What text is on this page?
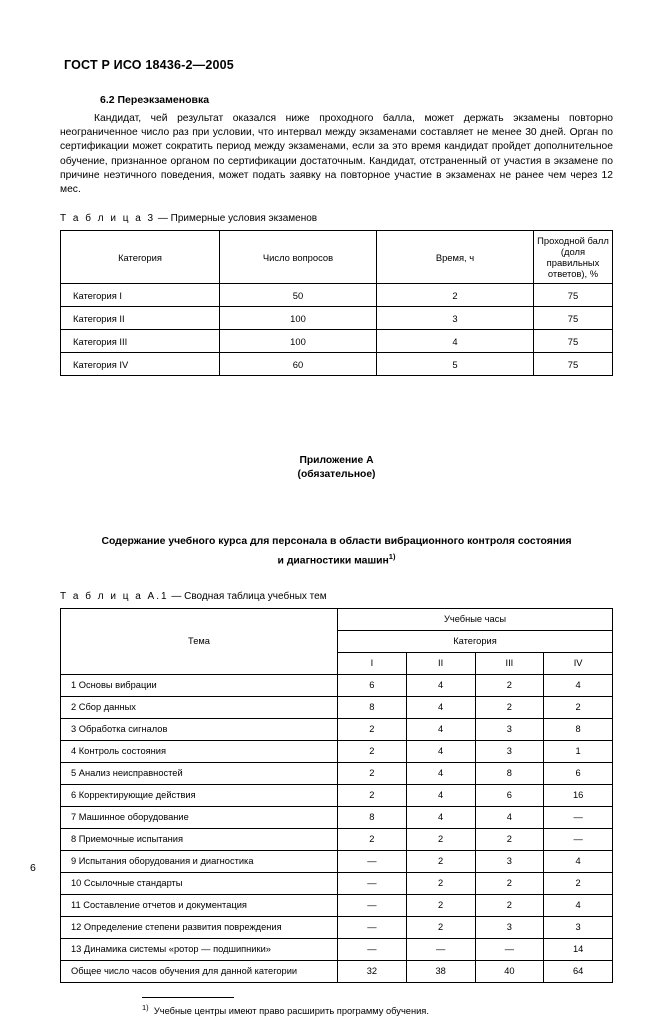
ГОСТ Р ИСО 18436-2—2005
6.2 Переэкзаменовка

Кандидат, чей результат оказался ниже проходного балла, может держать экзамены повторно неограниченное число раз при условии, что интервал между экзаменами составляет не менее 30 дней. Орган по сертификации может сократить период между экзаменами, если за это время кандидат пройдет дополнительное обучение, признанное органом по сертификации достаточным. Кандидат, отстраненный от участия в экзамене по причине неэтичного поведения, может подать заявку на повторное участие в экзаменах не ранее чем через 12 мес.

Т а б л и ц а 3 — Примерные условия экзаменов
Категория	Число вопросов	Время, ч	Проходной балл (доля правильных ответов), %
Категория I	50	2	75
Категория II	100	3	75
Категория III	100	4	75
Категория IV	60	5	75
Приложение А
(обязательное)
Содержание учебного курса для персонала в области вибрационного контроля состояния
и диагностики машин$^{1)}$
Т а б л и ц а А.1 — Сводная таблица учебных тем
Тема	Учебные часы			
	Категория			
	I	II	III	IV
1 Основы вибрации	6	4	2	4
2 Сбор данных	8	4	2	2
3 Обработка сигналов	2	4	3	8
4 Контроль состояния	2	4	3	1
5 Анализ неисправностей	2	4	8	6
6 Корректирующие действия	2	4	6	16
7 Машинное оборудование	8	4	4	—
8 Приемочные испытания	2	2	2	—
9 Испытания оборудования и диагностика	—	2	3	4
10 Ссылочные стандарты	—	2	2	2
11 Составление отчетов и документация	—	2	2	4
12 Определение степени развития повреждения	—	2	3	3
13 Динамика системы «ротор — подшипники»	—	—	—	14
Общее число часов обучения для данной категории	32	38	40	64
$^{1)}$ Учебные центры имеют право расширить программу обучения.
6
